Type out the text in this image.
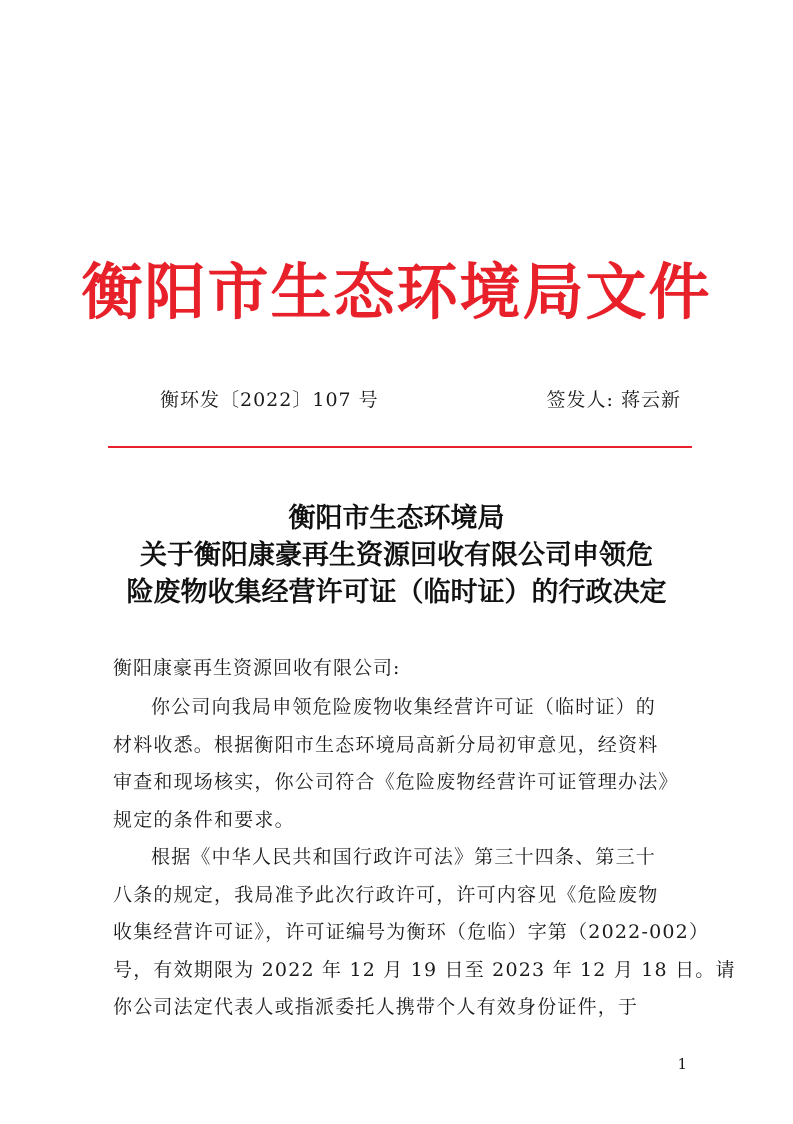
衡阳市生态环境局文件
衡环发〔2022〕107 号	签发人: 蒋云新
衡阳市生态环境局
关于衡阳康豪再生资源回收有限公司申领危
险废物收集经营许可证（临时证）的行政决定
衡阳康豪再生资源回收有限公司:
你公司向我局申领危险废物收集经营许可证（临时证）的
材料收悉。根据衡阳市生态环境局高新分局初审意见，经资料
审查和现场核实，你公司符合《危险废物经营许可证管理办法》
规定的条件和要求。
根据《中华人民共和国行政许可法》第三十四条、第三十
八条的规定，我局准予此次行政许可，许可内容见《危险废物
收集经营许可证》，许可证编号为衡环（危临）字第（2022-002）
号，有效期限为 2022 年 12 月 19 日至 2023 年 12 月 18 日。请
你公司法定代表人或指派委托人携带个人有效身份证件，于
1
